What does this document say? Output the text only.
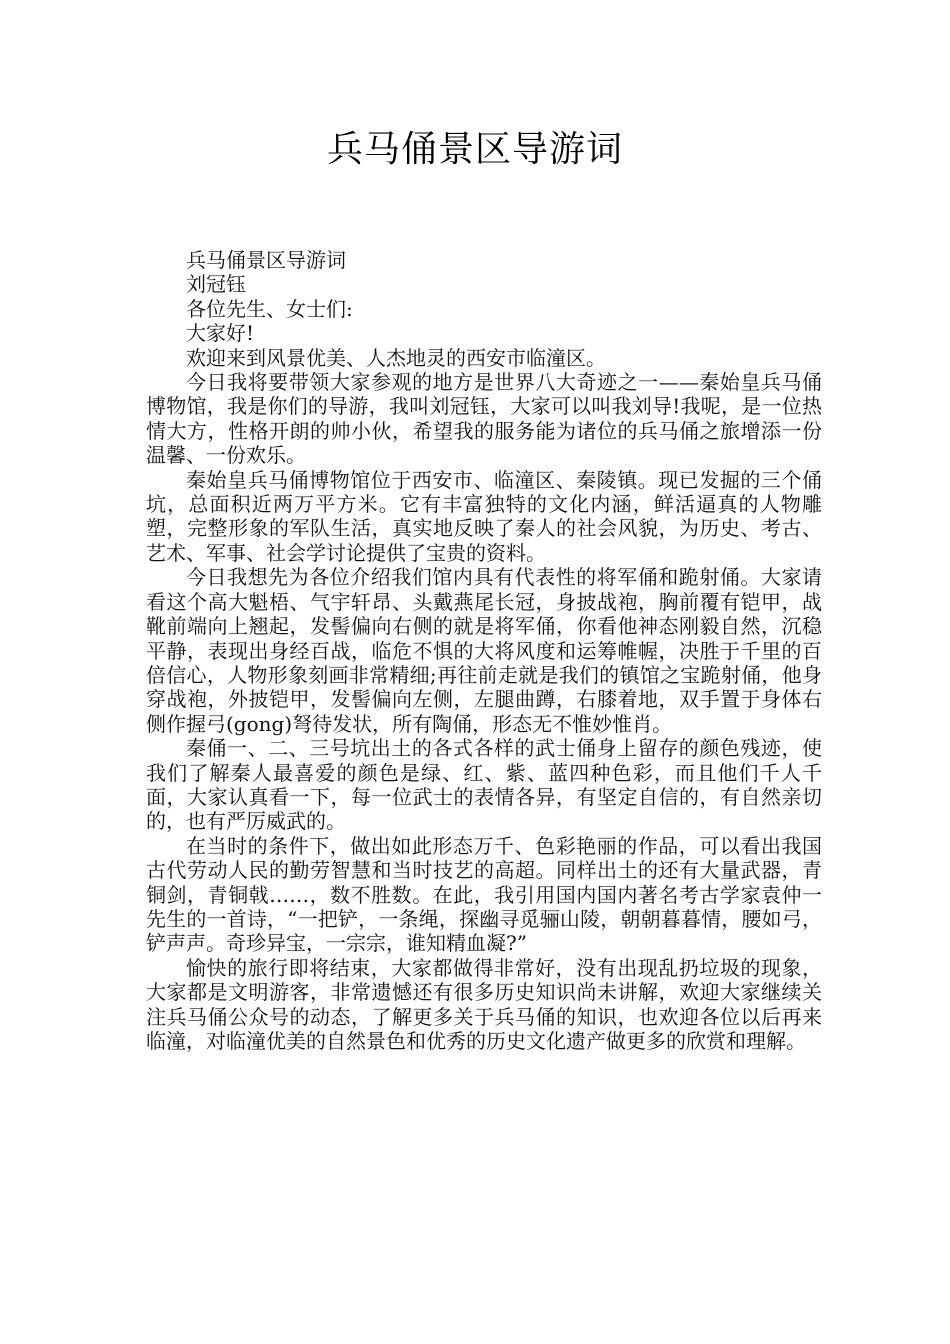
兵马俑景区导游词

兵马俑景区导游词

刘冠钰

各位先生、女士们:

大家好!

欢迎来到风景优美、人杰地灵的西安市临潼区。

今日我将要带领大家参观的地方是世界八大奇迹之一——秦始皇兵马俑博物馆，我是你们的导游，我叫刘冠钰，大家可以叫我刘导!我呢，是一位热情大方，性格开朗的帅小伙，希望我的服务能为诸位的兵马俑之旅增添一份温馨、一份欢乐。

秦始皇兵马俑博物馆位于西安市、临潼区、秦陵镇。现已发掘的三个俑坑，总面积近两万平方米。它有丰富独特的文化内涵，鲜活逼真的人物雕塑，完整形象的军队生活，真实地反映了秦人的社会风貌，为历史、考古、艺术、军事、社会学讨论提供了宝贵的资料。

今日我想先为各位介绍我们馆内具有代表性的将军俑和跪射俑。大家请看这个高大魁梧、气宇轩昂、头戴燕尾长冠，身披战袍，胸前覆有铠甲，战靴前端向上翘起，发髻偏向右侧的就是将军俑，你看他神态刚毅自然，沉稳平静，表现出身经百战，临危不惧的大将风度和运筹帷幄，决胜于千里的百倍信心，人物形象刻画非常精细;再往前走就是我们的镇馆之宝跪射俑，他身穿战袍，外披铠甲，发髻偏向左侧，左腿曲蹲，右膝着地，双手置于身体右侧作握弓(gong)弩待发状，所有陶俑，形态无不惟妙惟肖。

秦俑一、二、三号坑出土的各式各样的武士俑身上留存的颜色残迹，使我们了解秦人最喜爱的颜色是绿、红、紫、蓝四种色彩，而且他们千人千面，大家认真看一下，每一位武士的表情各异，有坚定自信的，有自然亲切的，也有严厉威武的。

在当时的条件下，做出如此形态万千、色彩艳丽的作品，可以看出我国古代劳动人民的勤劳智慧和当时技艺的高超。同样出土的还有大量武器，青铜剑，青铜戟……，数不胜数。在此，我引用国内国内著名考古学家袁仲一先生的一首诗，“一把铲，一条绳，探幽寻觅骊山陵，朝朝暮暮情，腰如弓，铲声声。奇珍异宝，一宗宗，谁知精血凝?”

愉快的旅行即将结束，大家都做得非常好，没有出现乱扔垃圾的现象，大家都是文明游客，非常遗憾还有很多历史知识尚未讲解，欢迎大家继续关注兵马俑公众号的动态，了解更多关于兵马俑的知识，也欢迎各位以后再来临潼，对临潼优美的自然景色和优秀的历史文化遗产做更多的欣赏和理解。
